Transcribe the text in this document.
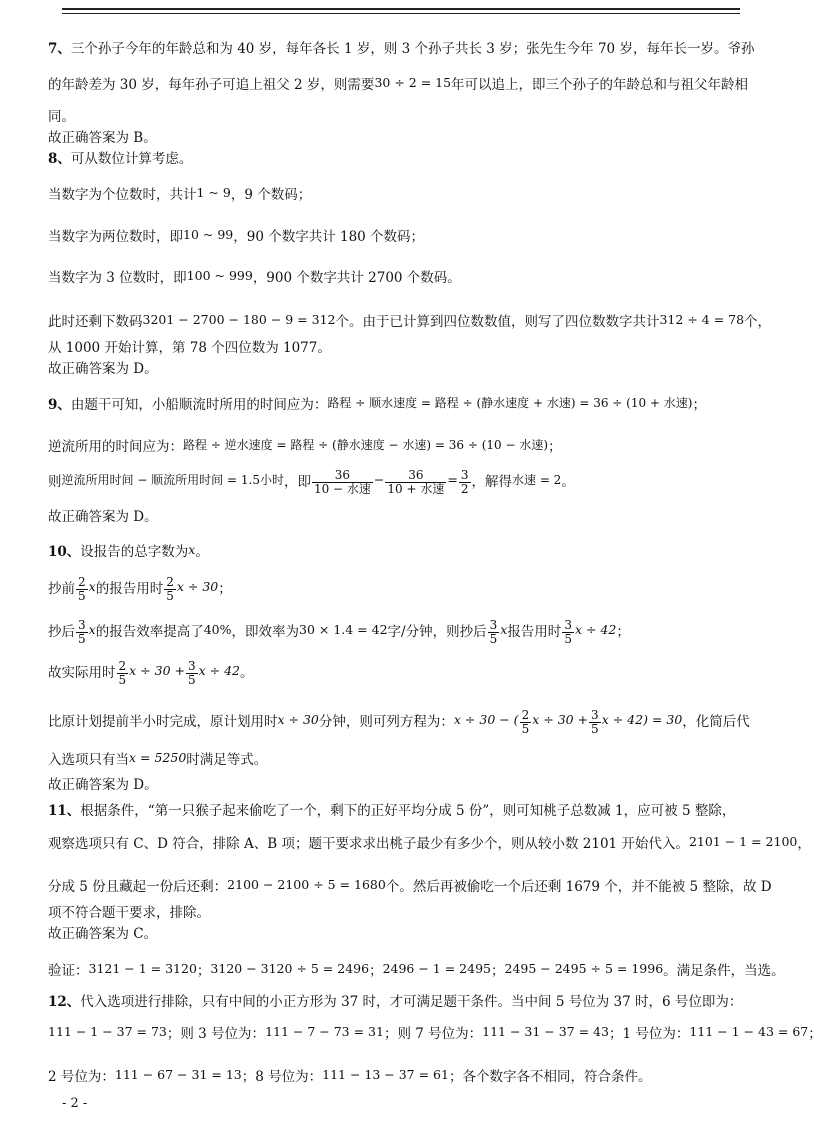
7、三个孙子今年的年龄总和为 40 岁，每年各长 1 岁，则 3 个孙子共长 3 岁；张先生今年 70 岁，每年长一岁。爷孙
的年龄差为 30 岁，每年孙子可追上祖父 2 岁，则需要30 ÷ 2 = 15年可以追上，即三个孙子的年龄总和与祖父年龄相
同。
故正确答案为 B。
8、可从数位计算考虑。
当数字为个位数时，共计1 ~ 9，9 个数码；
当数字为两位数时，即10 ~ 99，90 个数字共计 180 个数码；
当数字为 3 位数时，即100 ~ 999，900 个数字共计 2700 个数码。
此时还剩下数码3201 − 2700 − 180 − 9 = 312个。由于已计算到四位数数值，则写了四位数数字共计312 ÷ 4 = 78个，
从 1000 开始计算，第 78 个四位数为 1077。
故正确答案为 D。
9、由题干可知，小船顺流时所用的时间应为：路程 ÷ 顺水速度 = 路程 ÷ (静水速度 + 水速) = 36 ÷ (10 + 水速)；
逆流所用的时间应为：路程 ÷ 逆水速度 = 路程 ÷ (静水速度 − 水速) = 36 ÷ (10 − 水速)；
则逆流所用时间 − 顺流所用时间 = 1.5小时，即 $\frac{36}{\text{10 − 水速}} - \frac{36}{\text{10 + 水速}} = \frac{3}{2}$ ，解得水速 = 2。
故正确答案为 D。
10、设报告的总字数为x。
抄前 $\frac{2}{5}$ x的报告用时 $\frac{2}{5}$ x ÷ 30；
抄后 $\frac{3}{5}$ x的报告效率提高了40%，即效率为30 × 1.4 = 42字/分钟，则抄后 $\frac{3}{5}$ x报告用时 $\frac{3}{5}$ x ÷ 42；
故实际用时 $\frac{2}{5}$ $x \div 30 + \frac{3}{5}$ x ÷ 42。
比原计划提前半小时完成，原计划用时x ÷ 30分钟，则可列方程为：x ÷ 30 − ( $\frac{2}{5}$ $x \div 30 + \frac{3}{5}$ x ÷ 42) = 30，化简后代
入选项只有当x = 5250时满足等式。
故正确答案为 D。
11、根据条件，“第一只猴子起来偷吃了一个，剩下的正好平均分成 5 份”，则可知桃子总数减 1，应可被 5 整除，
观察选项只有 C、D 符合，排除 A、B 项；题干要求求出桃子最少有多少个，则从较小数 2101 开始代入。2101 − 1 = 2100，
分成 5 份且藏起一份后还剩：2100 − 2100 ÷ 5 = 1680个。然后再被偷吃一个后还剩 1679 个，并不能被 5 整除，故 D
项不符合题干要求，排除。
故正确答案为 C。
验证：3121 − 1 = 3120；3120 − 3120 ÷ 5 = 2496；2496 − 1 = 2495；2495 − 2495 ÷ 5 = 1996。满足条件，当选。
12、代入选项进行排除，只有中间的小正方形为 37 时，才可满足题干条件。当中间 5 号位为 37 时，6 号位即为：
111 − 1 − 37 = 73；则 3 号位为：111 − 7 − 73 = 31；则 7 号位为：111 − 31 − 37 = 43；1 号位为：111 − 1 − 43 = 67；
2 号位为：111 − 67 − 31 = 13；8 号位为：111 − 13 − 37 = 61；各个数字各不相同，符合条件。
- 2 -
